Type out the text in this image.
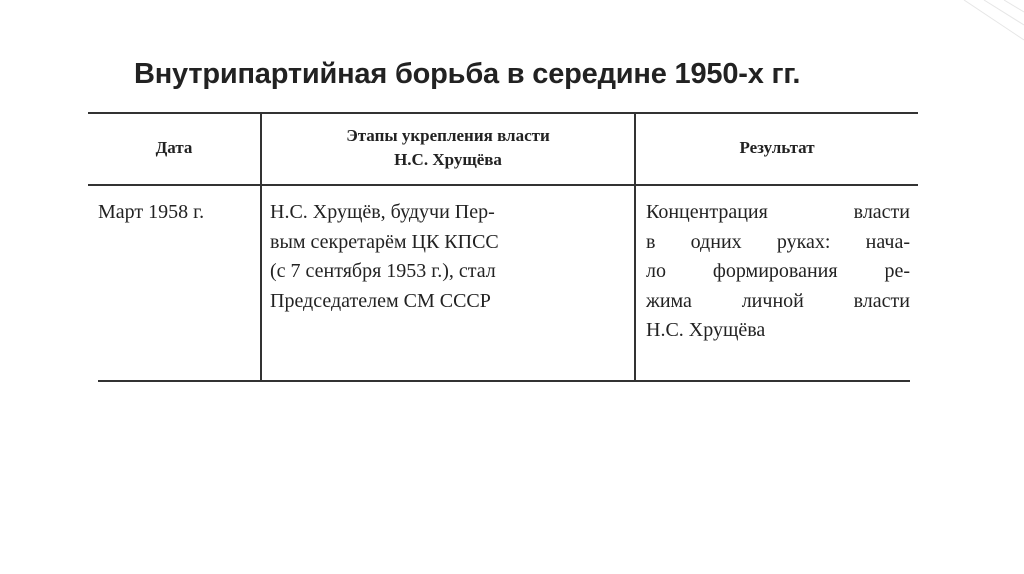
Внутрипартийная борьба в середине 1950-х гг.
Дата
Этапы укрепления власти
Н.С. Хрущёва
Результат
Март 1958 г.	Н.С. Хрущёв, будучи Пер-
вым секретарём ЦК КПСС
(с 7 сентября 1953 г.), стал
Председателем СМ СССР
Концентрация власти
в одних руках: нача-
ло формирования ре-
жима личной власти
Н.С. Хрущёва
